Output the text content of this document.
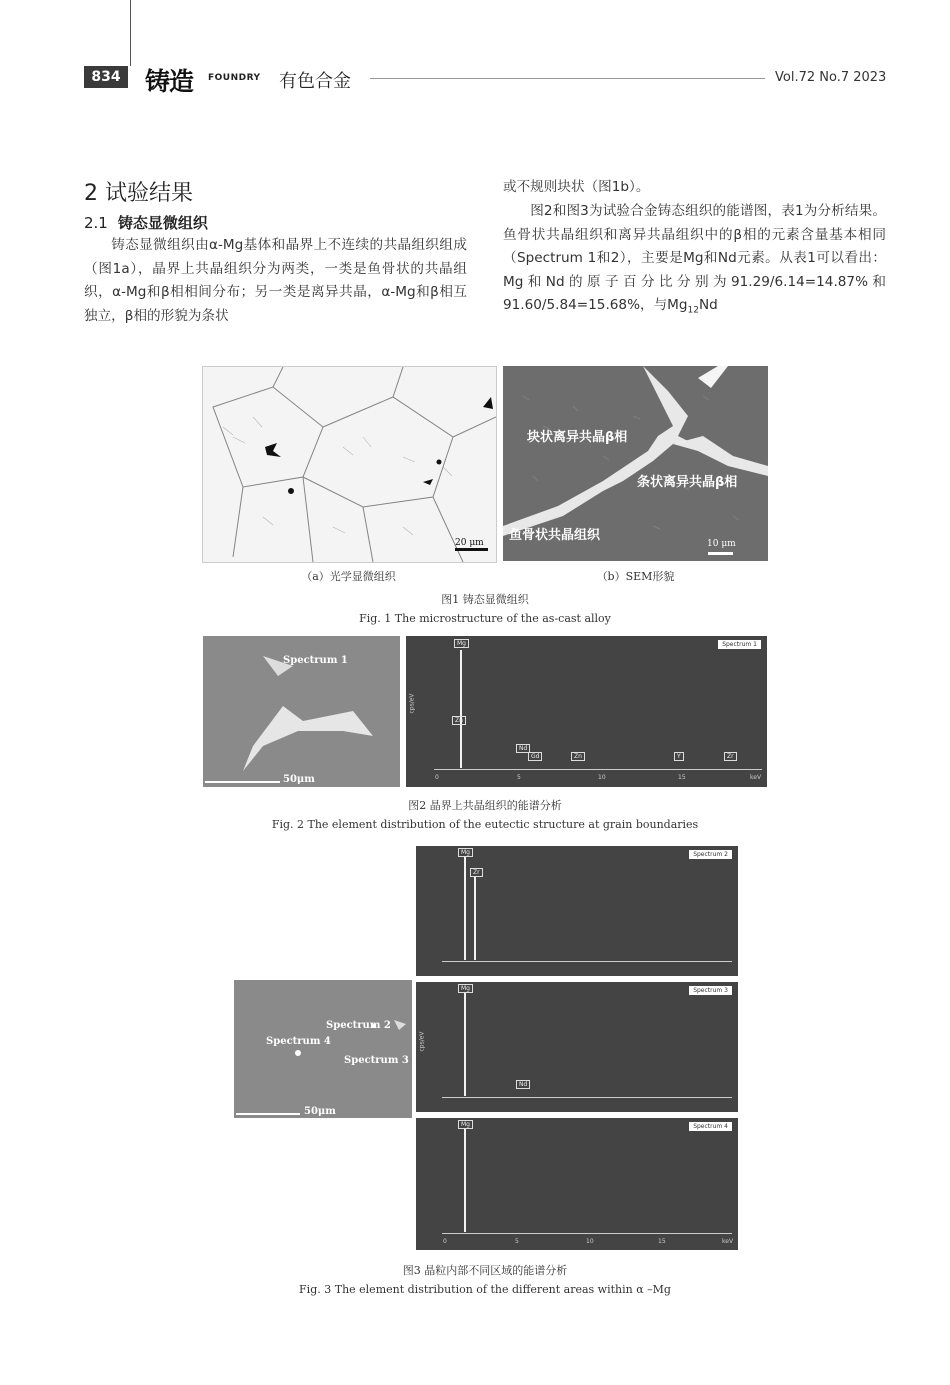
834 铸造 FOUNDRY 有色合金	Vol.72 No.7 2023
2 试验结果
2.1 铸态显微组织

铸态显微组织由α-Mg基体和晶界上不连续的共晶组织组成（图1a），晶界上共晶组织分为两类，一类是鱼骨状的共晶组织，α-Mg和β相相间分布；另一类是离异共晶，α-Mg和β相互独立，β相的形貌为条状

或不规则块状（图1b）。

图2和图3为试验合金铸态组织的能谱图，表1为分析结果。鱼骨状共晶组织和离异共晶组织中的β相的元素含量基本相同（Spectrum 1和2），主要是Mg和Nd元素。从表1可以看出：Mg和Nd的原子百分比分别为91.29/6.14=14.87%和91.60/5.84=15.68%，与$Mg_{12}Nd$

20 μm
块状离异共晶β相
条状离异共晶β相
鱼骨状共晶组织
10 μm
（a）光学显微组织	（b）SEM形貌
图1 铸态显微组织
Fig. 1 The microstructure of the as-cast alloy
Spectrum 1
50μm
Spectrum 1
cps/eV
Mg
Zn
Nd
Gd	Zn	Y	Zr
0	5	10	15	keV
图2 晶界上共晶组织的能谱分析
Fig. 2 The element distribution of the eutectic structure at grain boundaries
Spectrum 2
Spectrum 4
Spectrum 3
50μm
Spectrum 2
Mg
Zr
Spectrum 3
cps/eV
Mg
Nd
Spectrum 4
Mg
0	5	10	15	keV
图3 晶粒内部不同区域的能谱分析
Fig. 3 The element distribution of the different areas within α –Mg
